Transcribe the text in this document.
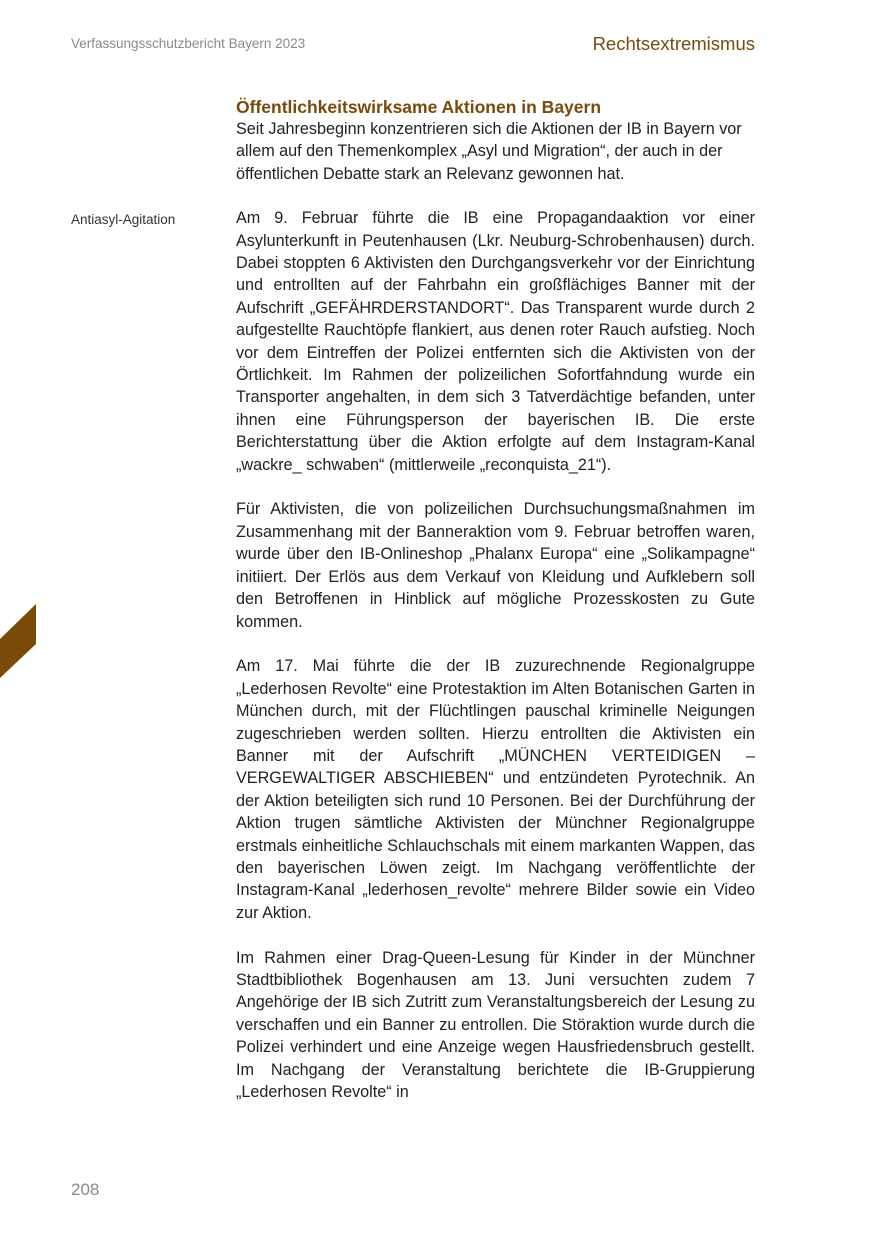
Verfassungsschutzbericht Bayern 2023	Rechtsextremismus
Antiasyl-Agitation
Öffentlichkeitswirksame Aktionen in Bayern

Seit Jahresbeginn konzentrieren sich die Aktionen der IB in Bayern vor allem auf den Themenkomplex „Asyl und Migration“, der auch in der öffentlichen Debatte stark an Relevanz gewonnen hat.

Am 9. Februar führte die IB eine Propagandaaktion vor einer Asylunterkunft in Peutenhausen (Lkr. Neuburg-Schrobenhausen) durch. Dabei stoppten 6 Aktivisten den Durchgangsverkehr vor der Einrichtung und entrollten auf der Fahrbahn ein großflächiges Banner mit der Aufschrift „GEFÄHRDERSTANDORT“. Das Transparent wurde durch 2 aufgestellte Rauchtöpfe flankiert, aus denen roter Rauch aufstieg. Noch vor dem Eintreffen der Polizei entfernten sich die Aktivisten von der Örtlichkeit. Im Rahmen der polizeilichen Sofortfahndung wurde ein Transporter angehalten, in dem sich 3 Tatverdächtige befanden, unter ihnen eine Führungsperson der bayerischen IB. Die erste Berichterstattung über die Aktion erfolgte auf dem Instagram-Kanal „wackre_ schwaben“ (mittlerweile „reconquista_21“).

Für Aktivisten, die von polizeilichen Durchsuchungsmaßnahmen im Zusammenhang mit der Banneraktion vom 9. Februar betroffen waren, wurde über den IB-Onlineshop „Phalanx Europa“ eine „Solikampagne“ initiiert. Der Erlös aus dem Verkauf von Kleidung und Aufklebern soll den Betroffenen in Hinblick auf mögliche Prozesskosten zu Gute kommen.

Am 17. Mai führte die der IB zuzurechnende Regionalgruppe „Lederhosen Revolte“ eine Protestaktion im Alten Botanischen Garten in München durch, mit der Flüchtlingen pauschal kriminelle Neigungen zugeschrieben werden sollten. Hierzu entrollten die Aktivisten ein Banner mit der Aufschrift „MÜNCHEN VERTEIDIGEN – VERGEWALTIGER ABSCHIEBEN“ und entzündeten Pyrotechnik. An der Aktion beteiligten sich rund 10 Personen. Bei der Durchführung der Aktion trugen sämtliche Aktivisten der Münchner Regionalgruppe erstmals einheitliche Schlauchschals mit einem markanten Wappen, das den bayerischen Löwen zeigt. Im Nachgang veröffentlichte der Instagram-Kanal „lederhosen_revolte“ mehrere Bilder sowie ein Video zur Aktion.

Im Rahmen einer Drag-Queen-Lesung für Kinder in der Münchner Stadtbibliothek Bogenhausen am 13. Juni versuchten zudem 7 Angehörige der IB sich Zutritt zum Veranstaltungsbereich der Lesung zu verschaffen und ein Banner zu entrollen. Die Störaktion wurde durch die Polizei verhindert und eine Anzeige wegen Hausfriedensbruch gestellt. Im Nachgang der Veranstaltung berichtete die IB-Gruppierung „Lederhosen Revolte“ in

208
